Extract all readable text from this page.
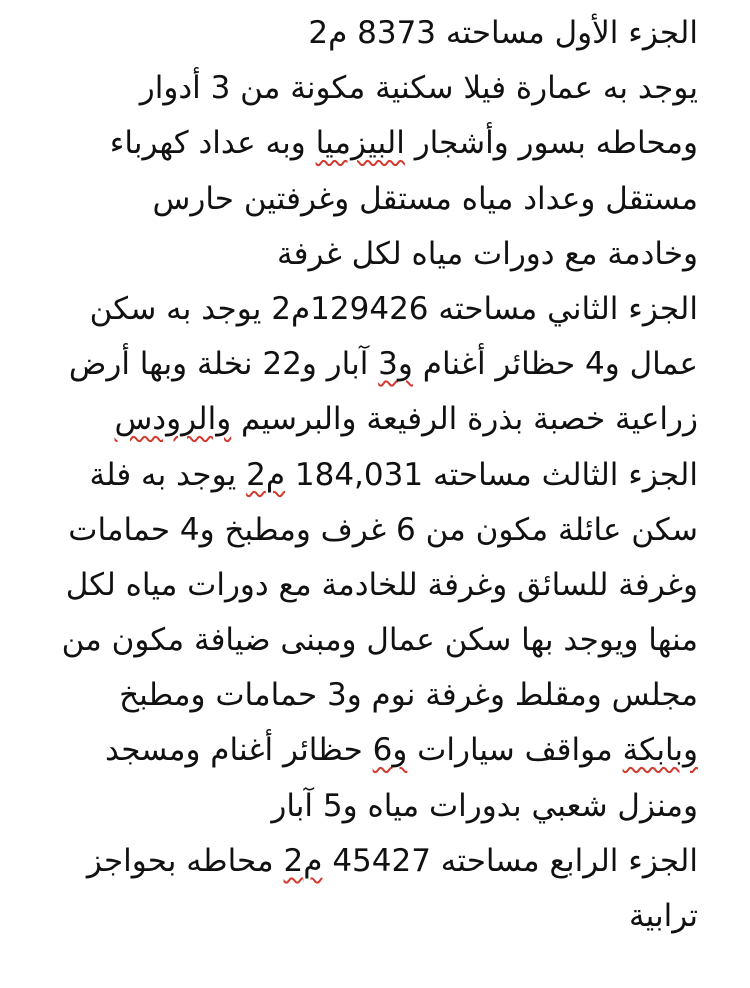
الجزء الأول مساحته 8373 م2
يوجد به عمارة فيلا سكنية مكونة من 3 أدوار
ومحاطه بسور وأشجار البيزميا وبه عداد كهرباء
مستقل وعداد مياه مستقل وغرفتين حارس
وخادمة مع دورات مياه لكل غرفة
الجزء الثاني مساحته 129426م2 يوجد به سكن
عمال و4 حظائر أغنام و3 آبار و22 نخلة وبها أرض
زراعية خصبة بذرة الرفيعة والبرسيم والرودس
الجزء الثالث مساحته 184,031 م2 يوجد به فلة
سكن عائلة مكون من 6 غرف ومطبخ و4 حمامات
وغرفة للسائق وغرفة للخادمة مع دورات مياه لكل
منها ويوجد بها سكن عمال ومبنى ضيافة مكون من
مجلس ومقلط وغرفة نوم و3 حمامات ومطبخ
وبابكة مواقف سيارات و6 حظائر أغنام ومسجد
ومنزل شعبي بدورات مياه و5 آبار
الجزء الرابع مساحته 45427 م2 محاطه بحواجز
ترابية
